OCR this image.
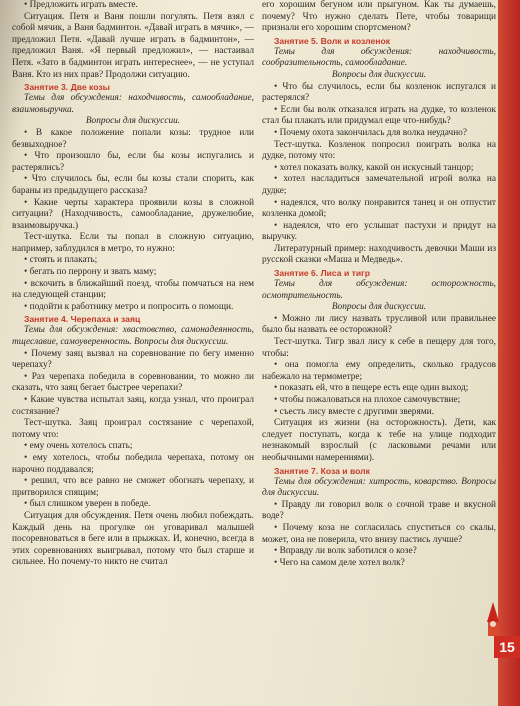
• Предложить играть вместе.

Ситуация. Петя и Ваня пошли погулять. Петя взял с собой мячик, а Ваня бадминтон. «Давай играть в мячик», — предложил Петя. «Давай лучше играть в бадминтон», — предложил Ваня. «Я первый предложил», — настаивал Петя. «Зато в бадминтон играть интереснее», — не уступал Ваня. Кто из них прав? Продолжи ситуацию.

Занятие 3. Две козы

Темы для обсуждения: находчивость, самообладание, взаимовыручка.

Вопросы для дискуссии.

• В какое положение попали козы: трудное или безвыходное?

• Что произошло бы, если бы козы испугались и растерялись?

• Что случилось бы, если бы козы стали спорить, как бараны из предыдущего рассказа?

• Какие черты характера проявили козы в сложной ситуации? (Находчивость, самообладание, дружелюбие, взаимовыручка.)

Тест-шутка. Если ты попал в сложную ситуацию, например, заблудился в метро, то нужно:

• стоять и плакать;

• бегать по перрону и звать маму;

• вскочить в ближайший поезд, чтобы помчаться на нем на следующей станции;

• подойти к работнику метро и попросить о помощи.

Занятие 4. Черепаха и заяц

Темы для обсуждения: хвастовство, самонадеянность, тщеславие, самоуверенность. Вопросы для дискуссии.

• Почему заяц вызвал на соревнование по бегу именно черепаху?

• Раз черепаха победила в соревновании, то можно ли сказать, что заяц бегает быстрее черепахи?

• Какие чувства испытал заяц, когда узнал, что проиграл состязание?

Тест-шутка. Заяц проиграл состязание с черепахой, потому что:

• ему очень хотелось спать;

• ему хотелось, чтобы победила черепаха, потому он нарочно поддавался;

• решил, что все равно не сможет обогнать черепаху, и притворился спящим;

• был слишком уверен в победе.

Ситуация для обсуждения. Петя очень любил побеждать. Каждый день на прогулке он уговаривал малышей посоревноваться в беге или в прыжках. И, конечно, всегда в этих соревнованиях выигрывал, потому что был старше и сильнее. Но почему-то никто не считал

его хорошим бегуном или прыгуном. Как ты думаешь, почему? Что нужно сделать Пете, чтобы товарищи признали его хорошим спортсменом?

Занятие 5. Волк и козленок

Темы для обсуждения: находчивость, сообразительность, самообладание.

Вопросы для дискуссии.

• Что бы случилось, если бы козленок испугался и растерялся?

• Если бы волк отказался играть на дудке, то козленок стал бы плакать или придумал еще что-нибудь?

• Почему охота закончилась для волка неудачно?

Тест-шутка. Козленок попросил поиграть волка на дудке, потому что:

• хотел показать волку, какой он искусный танцор;

• хотел насладиться замечательной игрой волка на дудке;

• надеялся, что волку понравится танец и он отпустит козленка домой;

• надеялся, что его услышат пастухи и придут на выручку.

Литературный пример: находчивость девочки Маши из русской сказки «Маша и Медведь».

Занятие 6. Лиса и тигр

Темы для обсуждения: осторожность, осмотрительность.

Вопросы для дискуссии.

• Можно ли лису назвать трусливой или правильнее было бы назвать ее осторожной?

Тест-шутка. Тигр звал лису к себе в пещеру для того, чтобы:

• она помогла ему определить, сколько градусов набежало на термометре;

• показать ей, что в пещере есть еще один выход;

• чтобы пожаловаться на плохое самочувствие;

• съесть лису вместе с другими зверями.

Ситуация из жизни (на осторожность). Дети, как следует поступать, когда к тебе на улице подходит незнакомый взрослый (с ласковыми речами или необычными намерениями).

Занятие 7. Коза и волк

Темы для обсуждения: хитрость, коварство. Вопросы для дискуссии.

• Правду ли говорил волк о сочной траве и вкусной воде?

• Почему коза не согласилась спуститься со скалы, может, она не поверила, что внизу пастись лучше?

• Вправду ли волк заботился о козе?

• Чего на самом деле хотел волк?

15
